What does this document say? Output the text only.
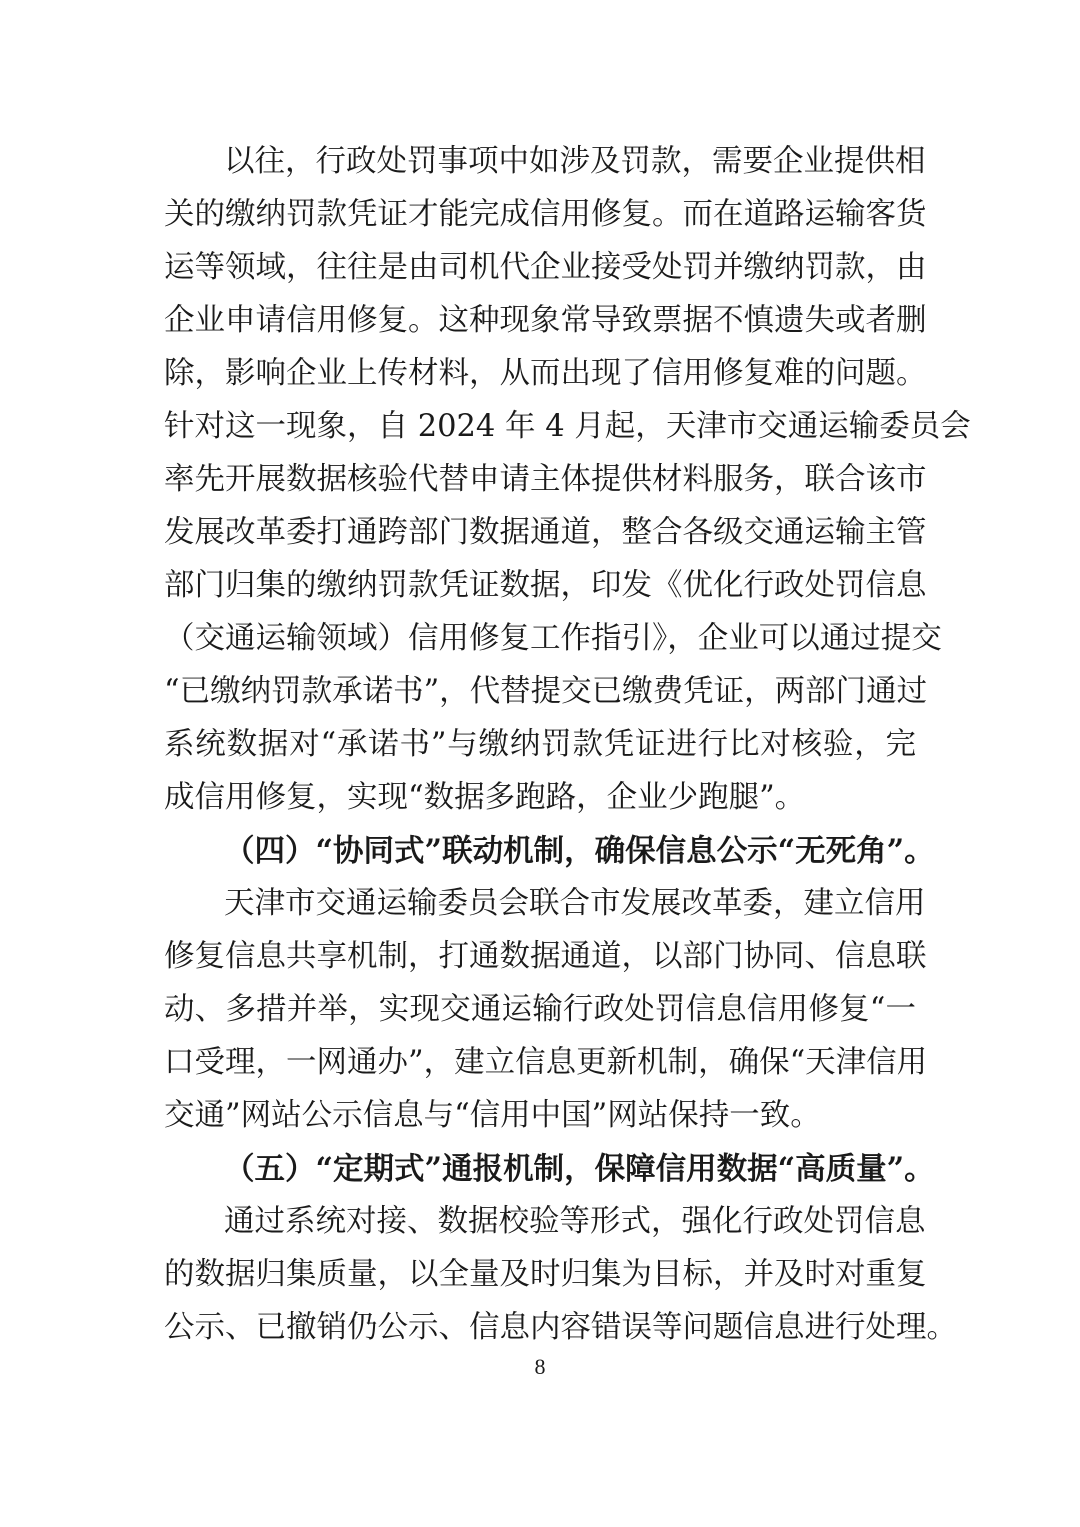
以往，行政处罚事项中如涉及罚款，需要企业提供相
关的缴纳罚款凭证才能完成信用修复。而在道路运输客货
运等领域，往往是由司机代企业接受处罚并缴纳罚款，由
企业申请信用修复。这种现象常导致票据不慎遗失或者删
除，影响企业上传材料，从而出现了信用修复难的问题。
针对这一现象，自 2024 年 4 月起，天津市交通运输委员会
率先开展数据核验代替申请主体提供材料服务，联合该市
发展改革委打通跨部门数据通道，整合各级交通运输主管
部门归集的缴纳罚款凭证数据，印发《优化行政处罚信息
（交通运输领域）信用修复工作指引》，企业可以通过提交
“已缴纳罚款承诺书”，代替提交已缴费凭证，两部门通过
系统数据对“承诺书”与缴纳罚款凭证进行比对核验，完
成信用修复，实现“数据多跑路，企业少跑腿”。
（四）“协同式”联动机制，确保信息公示“无死角”。
天津市交通运输委员会联合市发展改革委，建立信用
修复信息共享机制，打通数据通道，以部门协同、信息联
动、多措并举，实现交通运输行政处罚信息信用修复“一
口受理，一网通办”，建立信息更新机制，确保“天津信用
交通”网站公示信息与“信用中国”网站保持一致。
（五）“定期式”通报机制，保障信用数据“高质量”。
通过系统对接、数据校验等形式，强化行政处罚信息
的数据归集质量，以全量及时归集为目标，并及时对重复
公示、已撤销仍公示、信息内容错误等问题信息进行处理。
8
